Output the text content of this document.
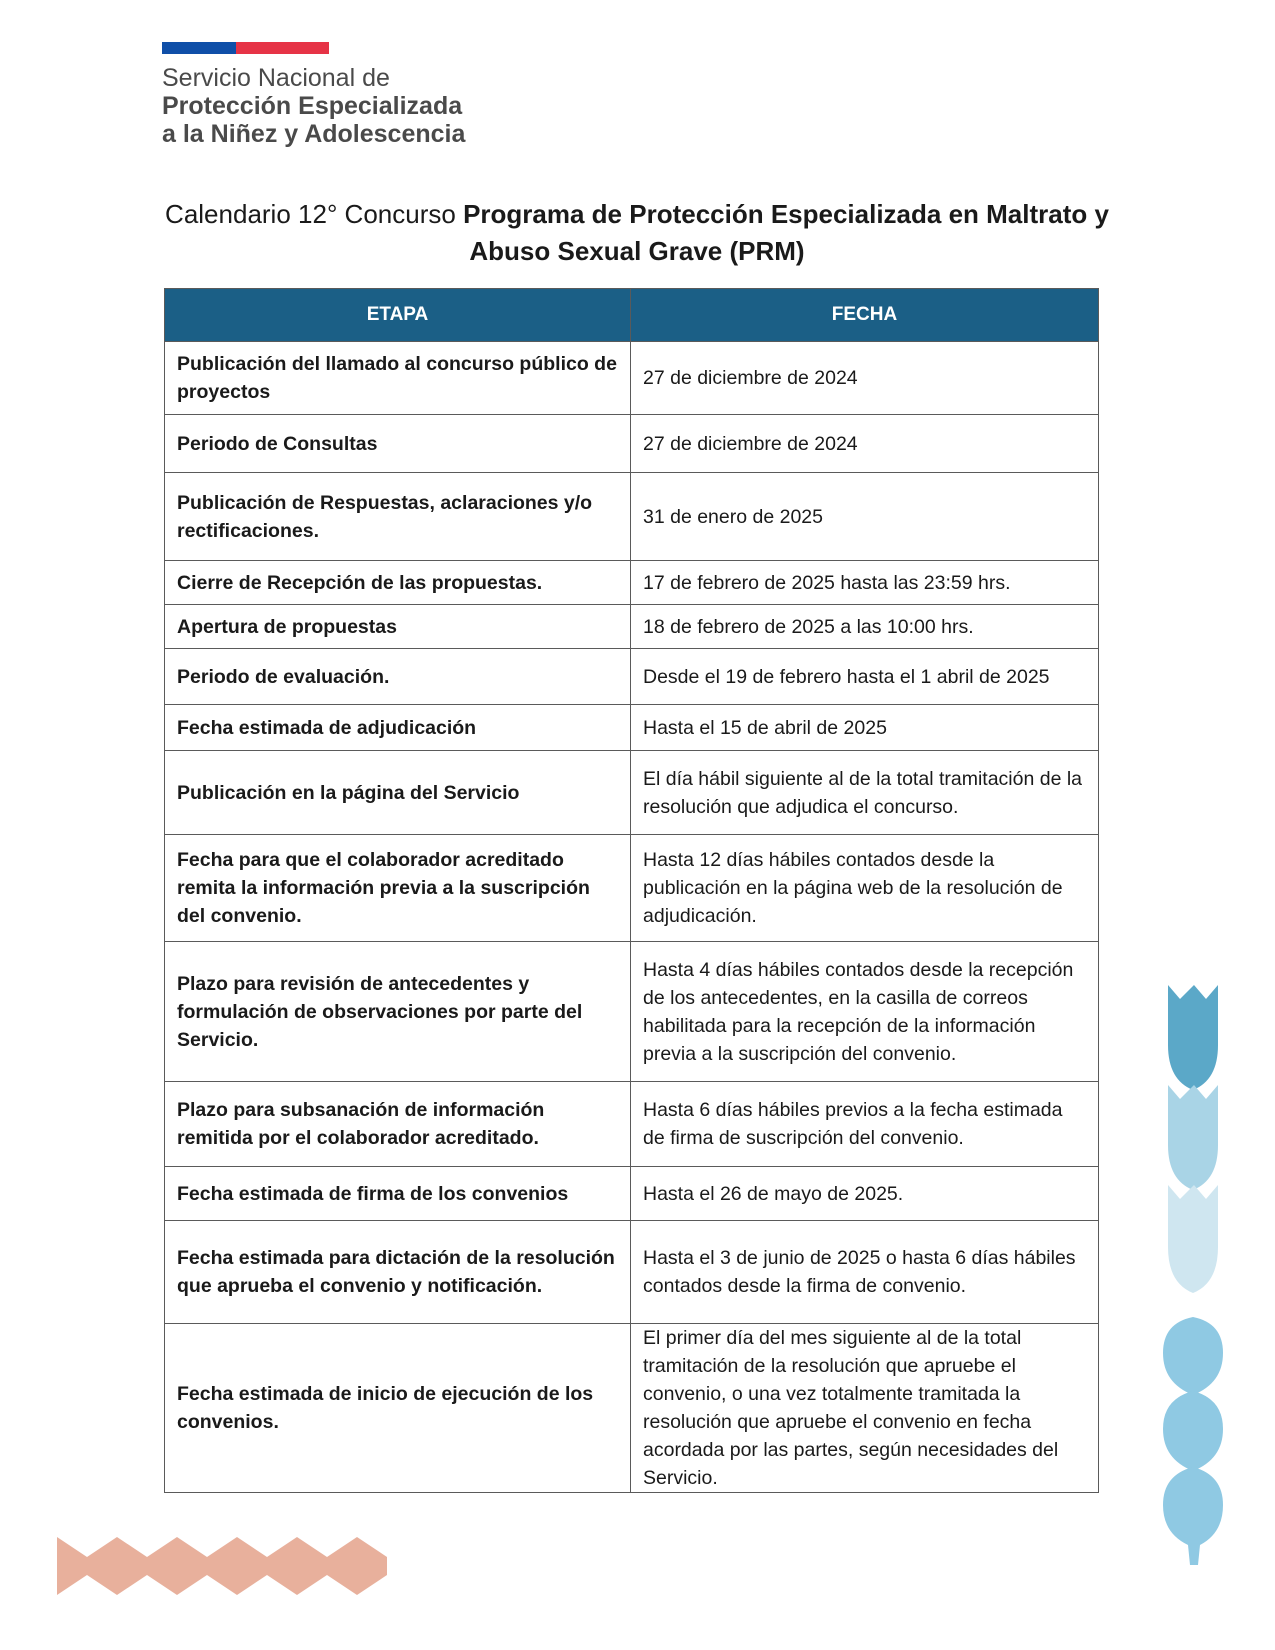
Servicio Nacional de
Protección Especializada
a la Niñez y Adolescencia
Calendario 12° Concurso Programa de Protección Especializada en Maltrato y Abuso Sexual Grave (PRM)
ETAPA	FECHA
Publicación del llamado al concurso público de proyectos	27 de diciembre de 2024
Periodo de Consultas	27 de diciembre de 2024
Publicación de Respuestas, aclaraciones y/o rectificaciones.	31 de enero de 2025
Cierre de Recepción de las propuestas.	17 de febrero de 2025 hasta las 23:59 hrs.
Apertura de propuestas	18 de febrero de 2025 a las 10:00 hrs.
Periodo de evaluación.	Desde el 19 de febrero hasta el 1 abril de 2025
Fecha estimada de adjudicación	Hasta el 15 de abril de 2025
Publicación en la página del Servicio	El día hábil siguiente al de la total tramitación de la resolución que adjudica el concurso.
Fecha para que el colaborador acreditado remita la información previa a la suscripción del convenio.	Hasta 12 días hábiles contados desde la publicación en la página web de la resolución de adjudicación.
Plazo para revisión de antecedentes y formulación de observaciones por parte del Servicio.	Hasta 4 días hábiles contados desde la recepción de los antecedentes, en la casilla de correos habilitada para la recepción de la información previa a la suscripción del convenio.
Plazo para subsanación de información remitida por el colaborador acreditado.	Hasta 6 días hábiles previos a la fecha estimada de firma de suscripción del convenio.
Fecha estimada de firma de los convenios	Hasta el 26 de mayo de 2025.
Fecha estimada para dictación de la resolución que aprueba el convenio y notificación.	Hasta el 3 de junio de 2025 o hasta 6 días hábiles contados desde la firma de convenio.
Fecha estimada de inicio de ejecución de los convenios.	El primer día del mes siguiente al de la total tramitación de la resolución que apruebe el convenio, o una vez totalmente tramitada la resolución que apruebe el convenio en fecha acordada por las partes, según necesidades del Servicio.
